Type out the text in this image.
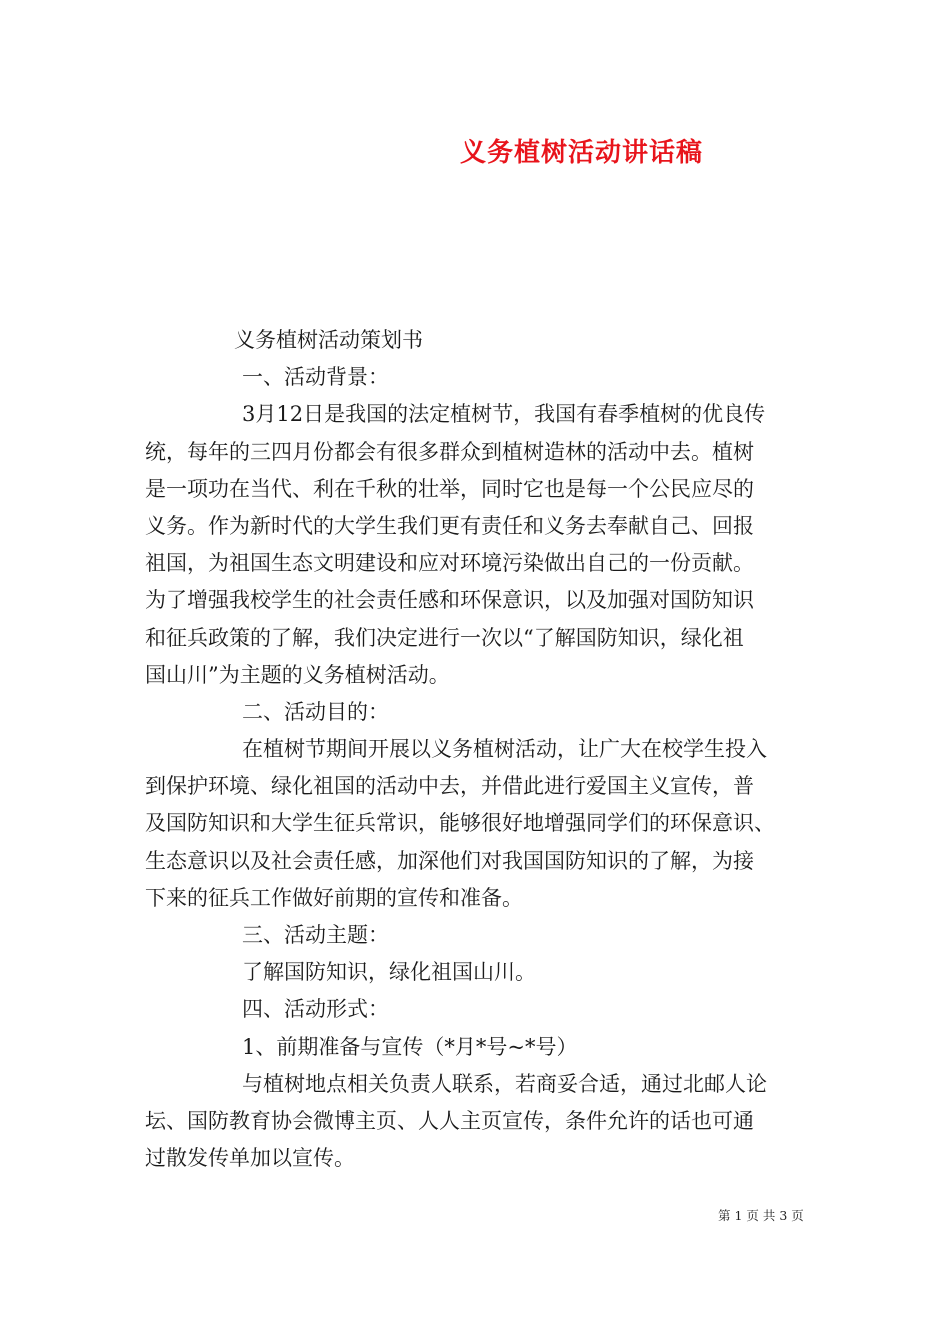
义务植树活动讲话稿
义务植树活动策划书
一、活动背景：
3月12日是我国的法定植树节，我国有春季植树的优良传
统，每年的三四月份都会有很多群众到植树造林的活动中去。植树
是一项功在当代、利在千秋的壮举，同时它也是每一个公民应尽的
义务。作为新时代的大学生我们更有责任和义务去奉献自己、回报
祖国，为祖国生态文明建设和应对环境污染做出自己的一份贡献。
为了增强我校学生的社会责任感和环保意识，以及加强对国防知识
和征兵政策的了解，我们决定进行一次以“了解国防知识，绿化祖
国山川”为主题的义务植树活动。
二、活动目的：
在植树节期间开展以义务植树活动，让广大在校学生投入
到保护环境、绿化祖国的活动中去，并借此进行爱国主义宣传，普
及国防知识和大学生征兵常识，能够很好地增强同学们的环保意识、
生态意识以及社会责任感，加深他们对我国国防知识的了解，为接
下来的征兵工作做好前期的宣传和准备。
三、活动主题：
了解国防知识，绿化祖国山川。
四、活动形式：
1、前期准备与宣传（*月*号~*号）
与植树地点相关负责人联系，若商妥合适，通过北邮人论
坛、国防教育协会微博主页、人人主页宣传，条件允许的话也可通
过散发传单加以宣传。
第 1 页 共 3 页
